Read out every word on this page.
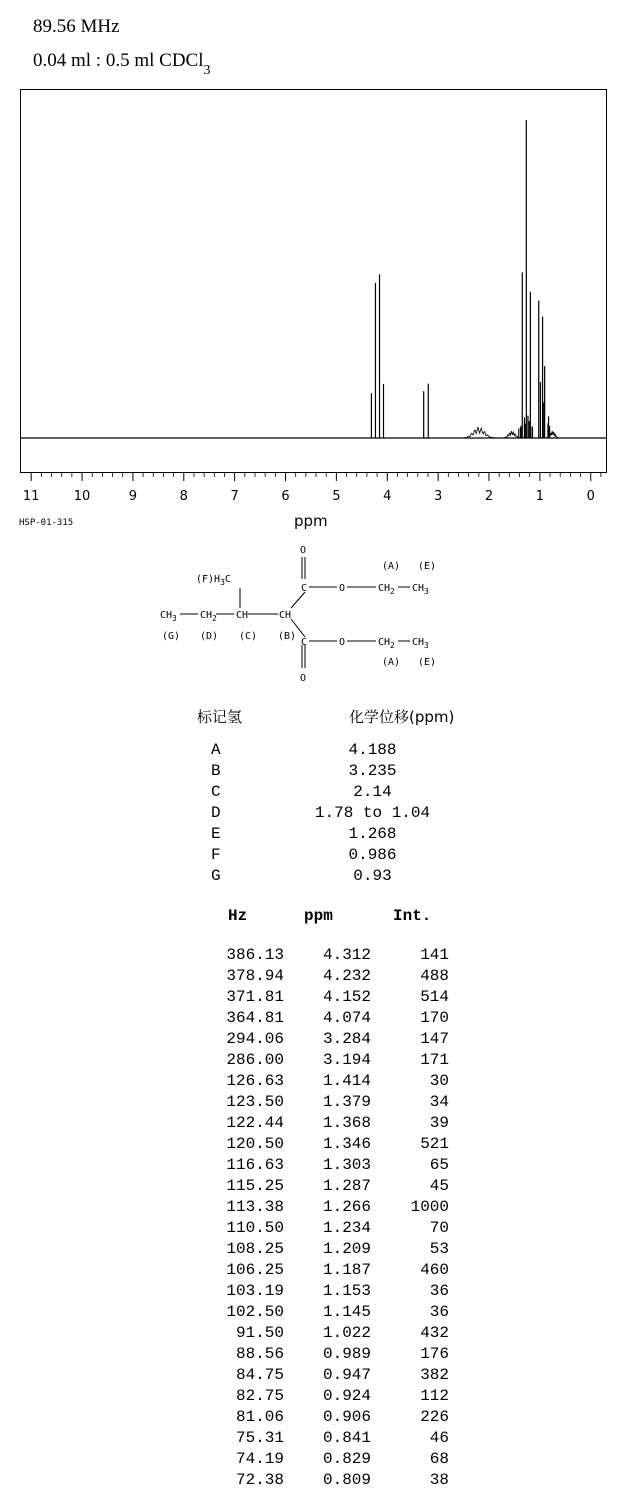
89.56 MHz
0.04 ml : 0.5 ml CDCl$_3$
11	10	9	8	7	6	5	4	3	2	1	0
HSP-01-315	ppm
O
(A) (E)
$(F)H_3C$
C	O	$CH_2$ $CH_3$
$CH_3$ $CH_2$ CH	CH
(G) (D) (C) (B)
C	O	$CH_2$ $CH_3$
(A) (E)
O
标记氢	化学位移(ppm)
A	4.188
B	3.235
C	2.14
D	1.78 to 1.04
E	1.268
F	0.986
G	0.93
Hz	ppm	Int.
386.13	4.312	141
378.94	4.232	488
371.81	4.152	514
364.81	4.074	170
294.06	3.284	147
286.00	3.194	171
126.63	1.414	30
123.50	1.379	34
122.44	1.368	39
120.50	1.346	521
116.63	1.303	65
115.25	1.287	45
113.38	1.266	1000
110.50	1.234	70
108.25	1.209	53
106.25	1.187	460
103.19	1.153	36
102.50	1.145	36
91.50	1.022	432
88.56	0.989	176
84.75	0.947	382
82.75	0.924	112
81.06	0.906	226
75.31	0.841	46
74.19	0.829	68
72.38	0.809	38
